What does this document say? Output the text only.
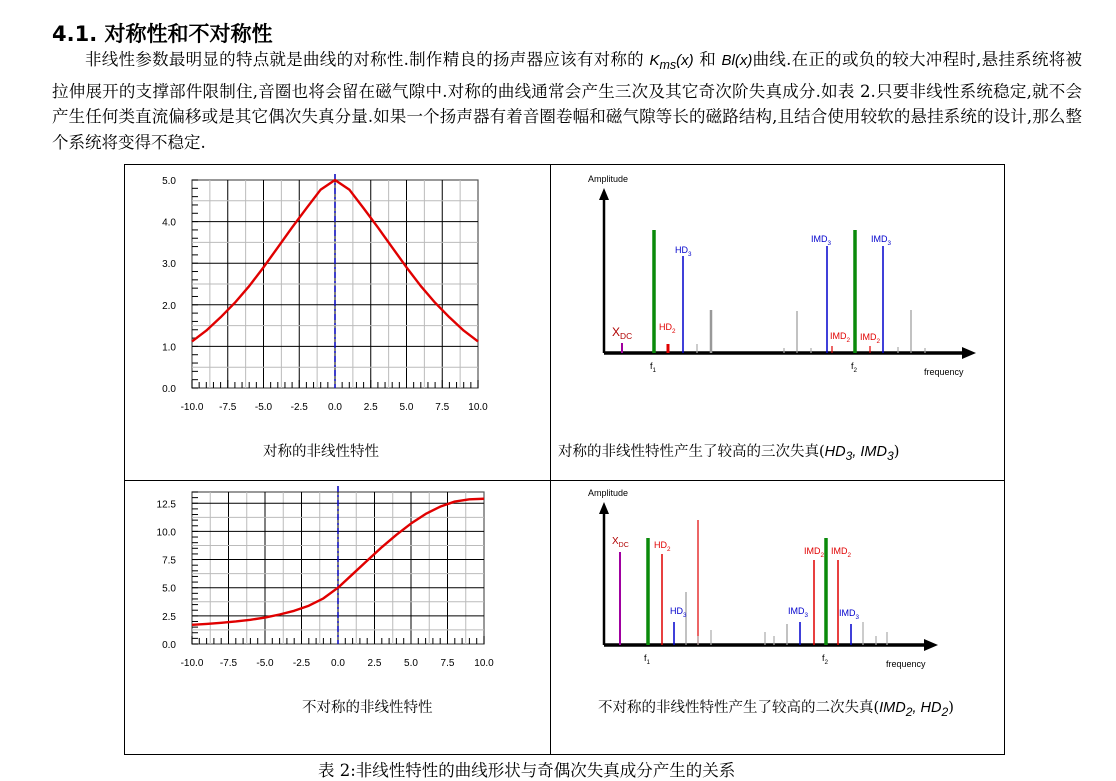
4.1. 对称性和不对称性

非线性参数最明显的特点就是曲线的对称性.制作精良的扬声器应该有对称的 $K_{ms}(x)$ 和 Bl(x)曲线.在正的或负的较大冲程时,悬挂系统将被拉伸展开的支撑部件限制住,音圈也将会留在磁气隙中.对称的曲线通常会产生三次及其它奇次阶失真成分.如表 2.只要非线性系统稳定,就不会产生任何类直流偏移或是其它偶次失真分量.如果一个扬声器有着音圈卷幅和磁气隙等长的磁路结构,且结合使用较软的悬挂系统的设计,那么整个系统将变得不稳定.

-10.0 -7.5 -5.0 -2.5 0.0 2.5 5.0 7.5 10.0
0.0
1.0
2.0
3.0
4.0
5.0	Amplitude
frequency
$f_1$	$f_2$
$X_{DC}$
$HD_2$
$HD_3$
$IMD_3$	$IMD_3$
$IMD_2$ $IMD_2$
-10.0 -7.5 -5.0 -2.5 0.0 2.5 5.0 7.5 10.0
0.0
2.5
5.0
7.5
10.0
12.5
Amplitude
frequency
$f_1$	$f_2$
$X_{DC}$	$HD_2$
$HD_3$
$IMD_2$ $IMD_2$
$IMD_3$	$IMD_3$
对称的非线性特性	对称的非线性特性产生了较高的三次失真($HD_3$, $IMD_3$)
不对称的非线性特性	不对称的非线性特性产生了较高的二次失真($IMD_2$, $HD_2$)
表 2:非线性特性的曲线形状与奇偶次失真成分产生的关系
